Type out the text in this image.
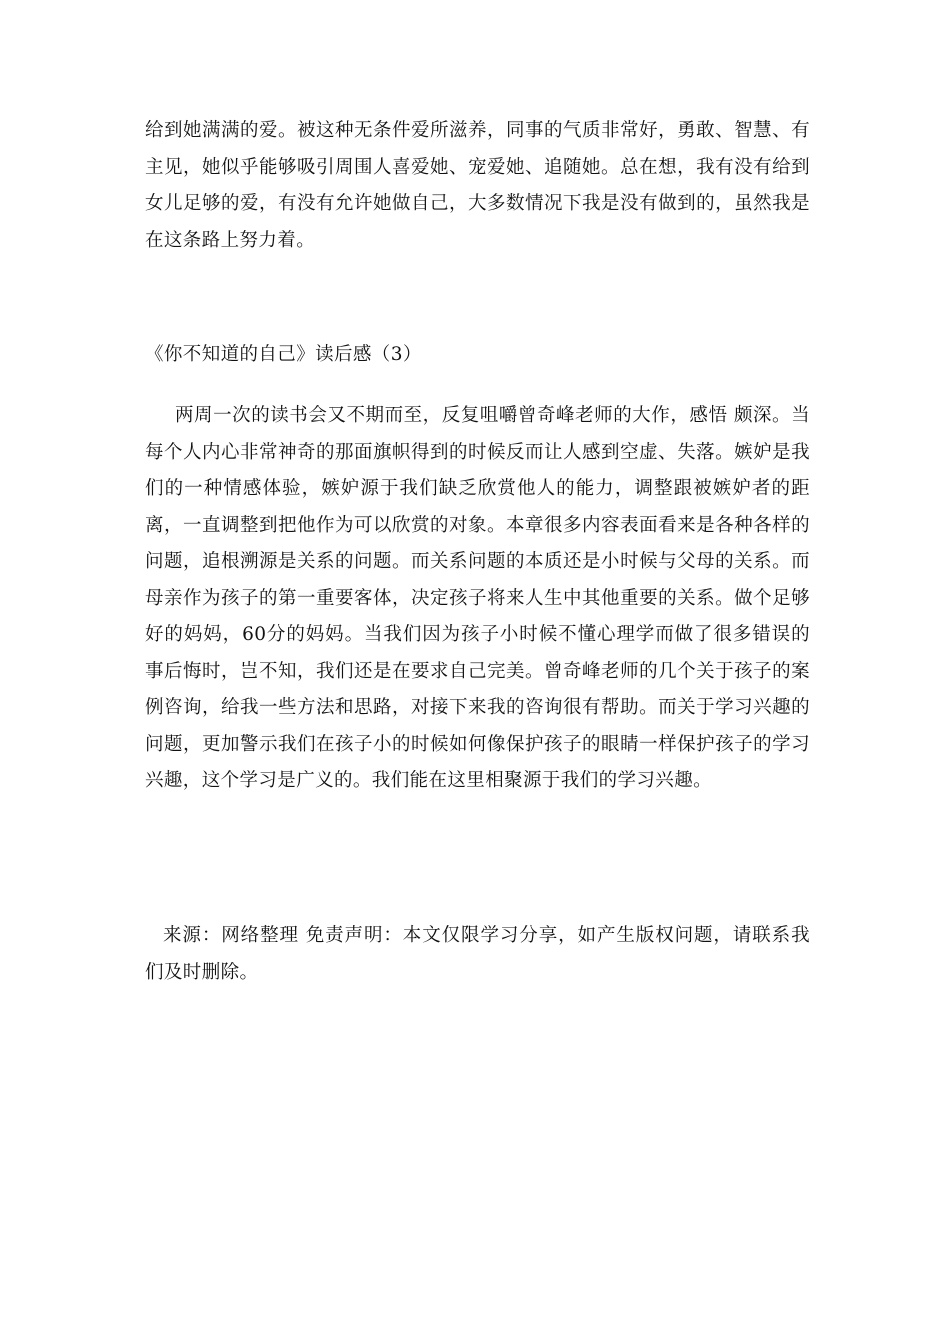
给到她满满的爱。被这种无条件爱所滋养，同事的气质非常好，勇敢、智慧、有主见，她似乎能够吸引周围人喜爱她、宠爱她、追随她。总在想，我有没有给到女儿足够的爱，有没有允许她做自己，大多数情况下我是没有做到的，虽然我是在这条路上努力着。

《你不知道的自己》读后感（3）

两周一次的读书会又不期而至，反复咀嚼曾奇峰老师的大作，感悟 颇深。当每个人内心非常神奇的那面旗帜得到的时候反而让人感到空虚、失落。嫉妒是我们的一种情感体验，嫉妒源于我们缺乏欣赏他人的能力，调整跟被嫉妒者的距离，一直调整到把他作为可以欣赏的对象。本章很多内容表面看来是各种各样的问题，追根溯源是关系的问题。而关系问题的本质还是小时候与父母的关系。而母亲作为孩子的第一重要客体，决定孩子将来人生中其他重要的关系。做个足够好的妈妈，60分的妈妈。当我们因为孩子小时候不懂心理学而做了很多错误的事后悔时，岂不知，我们还是在要求自己完美。曾奇峰老师的几个关于孩子的案例咨询，给我一些方法和思路，对接下来我的咨询很有帮助。而关于学习兴趣的问题，更加警示我们在孩子小的时候如何像保护孩子的眼睛一样保护孩子的学习兴趣，这个学习是广义的。我们能在这里相聚源于我们的学习兴趣。

来源：网络整理 免责声明：本文仅限学习分享，如产生版权问题，请联系我们及时删除。
